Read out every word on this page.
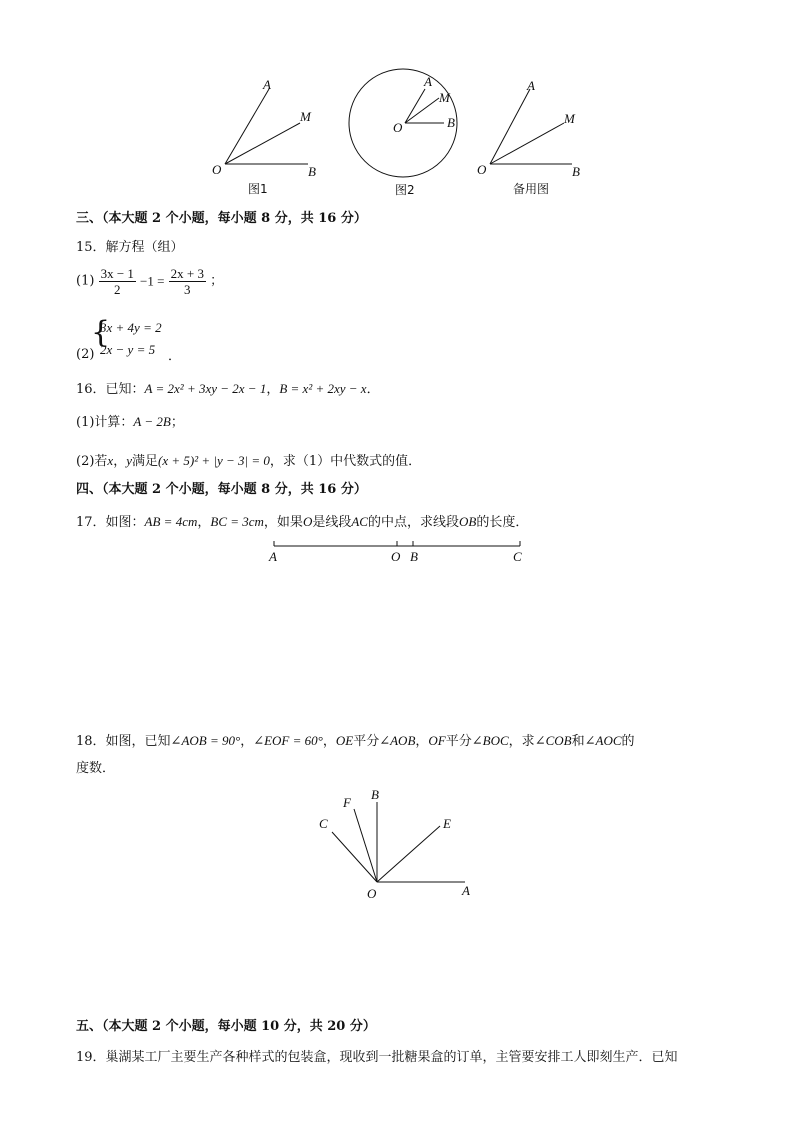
A
M
O	B
图1
A
M
O	B
图2
A
M
O	B
备用图
三、（本大题 2 个小题，每小题 8 分，共 16 分）
15．解方程（组）
$(1) \frac{3x - 1}{2} -1 = \frac{2x + 3}{3}$ ；
(2)
{
3x + 4y = 2
2x − y = 5 ．
16．已知：A = 2x² + 3xy − 2x − 1，B = x² + 2xy − x．
(1)计算：A − 2B；
(2)若x，y满足(x + 5)² + |y − 3| = 0，求（1）中代数式的值．
四、（本大题 2 个小题，每小题 8 分，共 16 分）
17．如图：AB = 4cm，BC = 3cm，如果O是线段AC的中点，求线段OB的长度．
A	O B	C
18．如图，已知∠AOB = 90°，∠EOF = 60°，OE平分∠AOB，OF平分∠BOC，求∠COB和∠AOC的
度数．
F
B
C	E
O	A
五、（本大题 2 个小题，每小题 10 分，共 20 分）
19．巢湖某工厂主要生产各种样式的包装盒，现收到一批糖果盒的订单，主管要安排工人即刻生产．已知
